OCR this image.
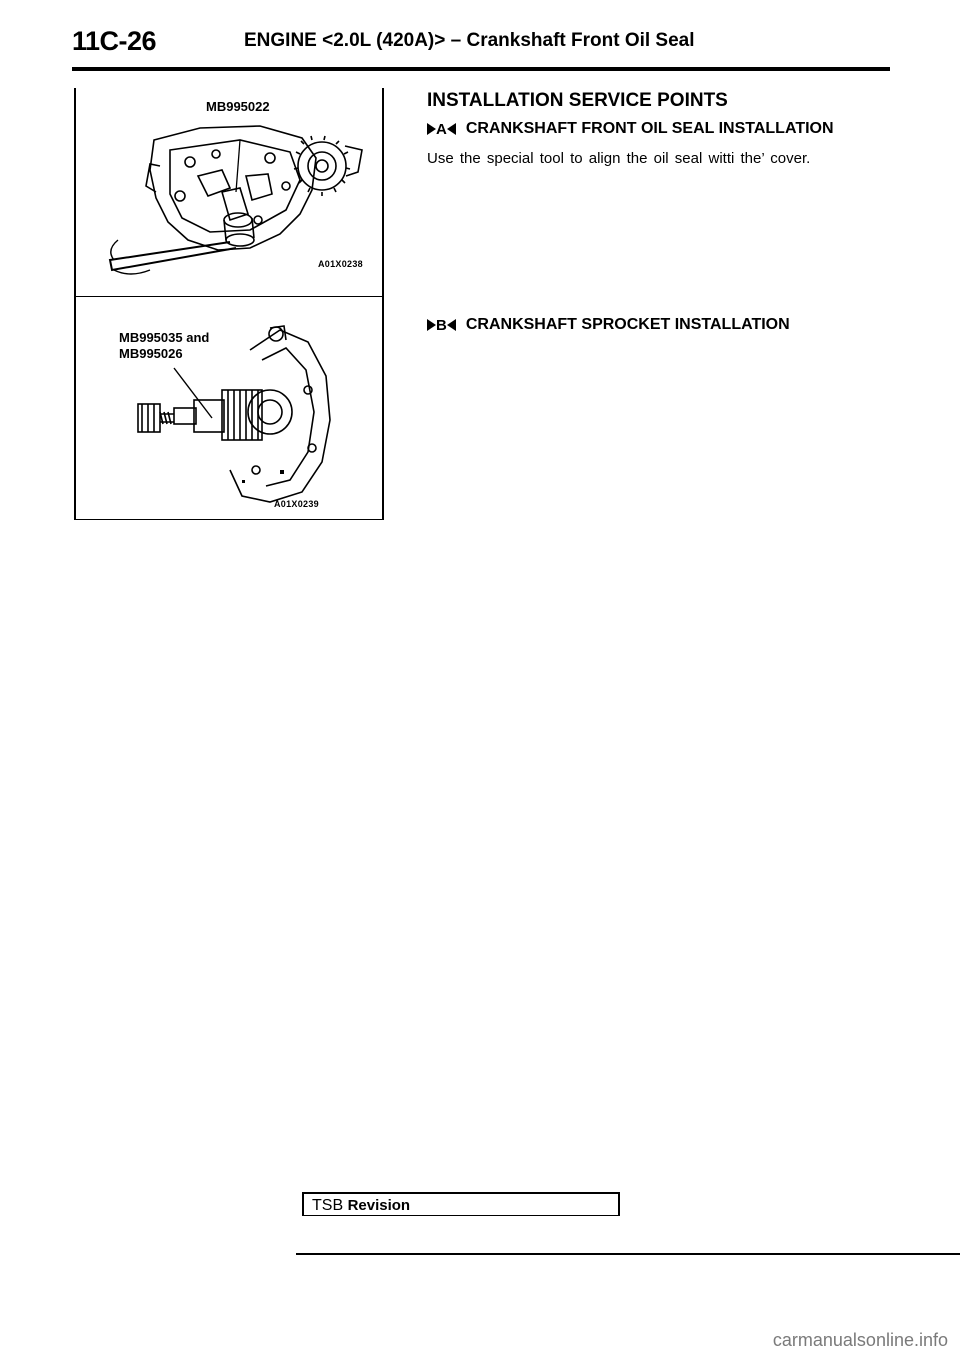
11C-26	ENGINE <2.0L (420A)> – Crankshaft Front Oil Seal
MB995022
A01X0238
MB995035 and
MB995026
A01X0239
INSTALLATION SERVICE POINTS
A CRANKSHAFT FRONT OIL SEAL INSTALLATION
Use the special tool to align the oil seal witti the’ cover.
B CRANKSHAFT SPROCKET INSTALLATION
TSB Revision
carmanualsonline.info
